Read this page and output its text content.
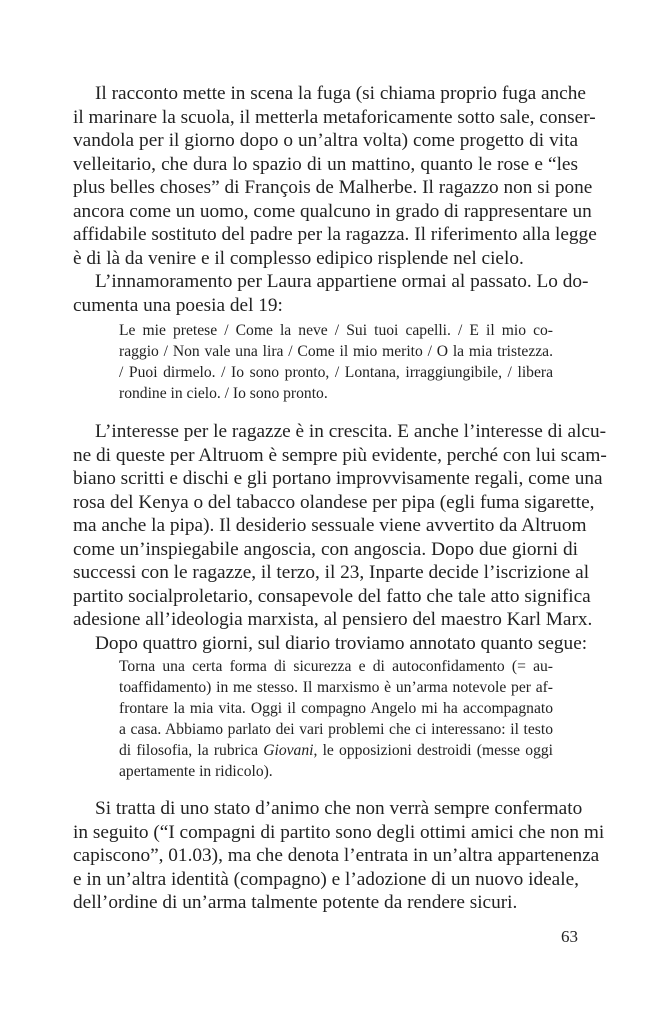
Il racconto mette in scena la fuga (si chiama proprio fuga anche
il marinare la scuola, il metterla metaforicamente sotto sale, conser-
vandola per il giorno dopo o un’altra volta) come progetto di vita
velleitario, che dura lo spazio di un mattino, quanto le rose e “les
plus belles choses” di François de Malherbe. Il ragazzo non si pone
ancora come un uomo, come qualcuno in grado di rappresentare un
affidabile sostituto del padre per la ragazza. Il riferimento alla legge
è di là da venire e il complesso edipico risplende nel cielo.
L’innamoramento per Laura appartiene ormai al passato. Lo do-
cumenta una poesia del 19:
Le mie pretese / Come la neve / Sui tuoi capelli. / E il mio co-
raggio / Non vale una lira / Come il mio merito / O la mia tristezza.
/ Puoi dirmelo. / Io sono pronto, / Lontana, irraggiungibile, / libera
rondine in cielo. / Io sono pronto.
L’interesse per le ragazze è in crescita. E anche l’interesse di alcu-
ne di queste per Altruom è sempre più evidente, perché con lui scam-
biano scritti e dischi e gli portano improvvisamente regali, come una
rosa del Kenya o del tabacco olandese per pipa (egli fuma sigarette,
ma anche la pipa). Il desiderio sessuale viene avvertito da Altruom
come un’inspiegabile angoscia, con angoscia. Dopo due giorni di
successi con le ragazze, il terzo, il 23, Inparte decide l’iscrizione al
partito socialproletario, consapevole del fatto che tale atto significa
adesione all’ideologia marxista, al pensiero del maestro Karl Marx.
Dopo quattro giorni, sul diario troviamo annotato quanto segue:
Torna una certa forma di sicurezza e di autoconfidamento (= au-
toaffidamento) in me stesso. Il marxismo è un’arma notevole per af-
frontare la mia vita. Oggi il compagno Angelo mi ha accompagnato
a casa. Abbiamo parlato dei vari problemi che ci interessano: il testo
di filosofia, la rubrica Giovani, le opposizioni destroidi (messe oggi
apertamente in ridicolo).
Si tratta di uno stato d’animo che non verrà sempre confermato
in seguito (“I compagni di partito sono degli ottimi amici che non mi
capiscono”, 01.03), ma che denota l’entrata in un’altra appartenenza
e in un’altra identità (compagno) e l’adozione di un nuovo ideale,
dell’ordine di un’arma talmente potente da rendere sicuri.
63
